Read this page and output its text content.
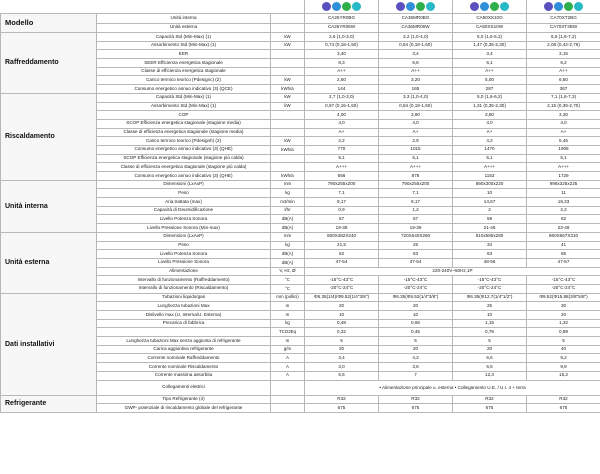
Modello	Unità interna		CA25YR0BG	CA36MR0BG	CA50XS10G	CA70XT2BG
	Unità esterna		CA25YR06W	CA36MR06W	CA50XS10W	CA70XT2BW
Raffreddamento	Capacità Std (Min-Max) (1)	kW	2,6 (1,0-3,0)	3,2 (1,0-4,0)	5,0 (1,6-5,2)	6,5 (1,6-7,2)
	Assorbimento Std (Min-Max) (1)	kW	0,74 (0,18-1,50)	0,84 (0,18-1,60)	1,47 (0,35-2,30)	2,08 (0,42-2,76)
	EER		3,40	3,4	3,4	3,15
	SEER Efficienza energetica stagionale		8,3	6,8	6,1	6,2
	Classe di efficienza energetica stagionale		A++	A++	A++	A++
	Carico termico teorico (Pdesignc) (2)	kW	2,60	3,20	5,00	6,50
	Consumo energetico annuo indicativo (3) (QCE)	kWh/a	144	165	287	367
Riscaldamento	Capacità Std (Min-Max) (1)	kW	2,7 (1,0-3,0)	3,3 (1,0-4,0)	5,0 (1,6-6,2)	7,1 (1,6-7,3)
	Assorbimento Std (Min-Max) (1)	kW	0,67 (0,15-1,50)	0,84 (0,18-1,60)	1,31 (0,35-2,30)	2,15 (0,39-2,70)
	COP		4,00	3,90	3,80	3,30
	SCOP Efficienza energetica stagionale (stagione media)		4,0	4,0	4,0	4,0
	Classe di efficienza energetica stagionale (stagione media)		A+	A+	A+	A+
	Carico termico teorico (Pdesignh) (2)	kW	2,2	2,9	4,2	5,45
	Consumo energetico annuo indicativo (3) (QHE)	kWh/a	770	1015	1470	1908
	SCOP Efficienza energetica stagionale (stagione più calda)		5,1	5,1	5,1	5,1
	Classe di efficienza energetica stagionale (stagione più calda)		A+++	A+++	A+++	A+++
	Consumo energetico annuo indicativo (3) (QHE)	kWh/a	656	878	1153	1729
Unità interna	Dimensioni (LxAxP)	mm	790x255x200	790x255x200	890x300x220	998x325x225
	Peso	kg	7,1	7,1	10	11
	Aria trattata (max)	m3/min	9,17	9,17	14,67	18,33
	Capacità di Deumidificazione	l/hr	0,9	1,2	2	2,2
	Livello Potenza Sonora	dB(A)	57	57	59	62
	Livello Pressione Sonora (Min-max)	dB(A)	19-38	19-39	21-46	23-48
Unità esterna	Dimensioni (LxAxP)	mm	660X482X240	720X540X260	810x585x280	860X667X310
	Peso	kg	21,5	25	34	41
	Livello Potenza Sonora	dB(A)	62	63	63	65
	Livello Pressione Sonora	dB(A)	47-54	47-54	48-56	47-57
	Alimentazione	V, Hz, Ø	220-240V~50Hz,1P			
	Intervallo di funzionamento (Raffreddamento)	°C	-15°C-43°C	-15°C-43°C	-15°C-43°C	-15°C-43°C
	Intervallo di funzionamento (Riscaldamento)	°C	-20°C-24°C	-20°C-24°C	-20°C-24°C	-20°C-24°C
Dati installativi	Tubazioni liquido/gas	mm (pollici)	Φ6.35(1/4)/Φ9.52(1/4"3/8")	Φ6.35(Φ9.52(1/4"3/8")	Φ6.35(Φ12.7(1/4"1/2")	Φ9.52(Φ15.88(3/8"5/8")
	Lunghezza tubazioni Max	m	20	20	25	30
	Dislivello max (U. Interna/U. Esterna)	m	10	10	10	20
	Precarica di fabbrica	kg	0,48	0,66	1,15	1,32
		TCO2Eq	0,32	0,45	0,78	0,89
	Lunghezza tubazioni Max senza aggiunta di refrigerante	m	5	5	5	5
	Carica aggiuntiva refrigerante	g/m	20	20	20	40
	Corrente nominale Raffreddamento	A	3,4	4,2	6,6	9,2
	Corrente nominale Riscaldamento	A	3,0	3,8	6,5	9,9
	Corrente massima assorbita	A	6,5	7	12,3	15,2
	Collegamenti elettrici		• Alimentazione principale u. esterna • Collegamento U.E. / U.I. 4 + terra			
Refrigerante	Tipo Refrigerante (4)		R32	R32	R32	R32
	GWP- potenziale di riscaldamento globale del refrigerante		675	675	675	675
